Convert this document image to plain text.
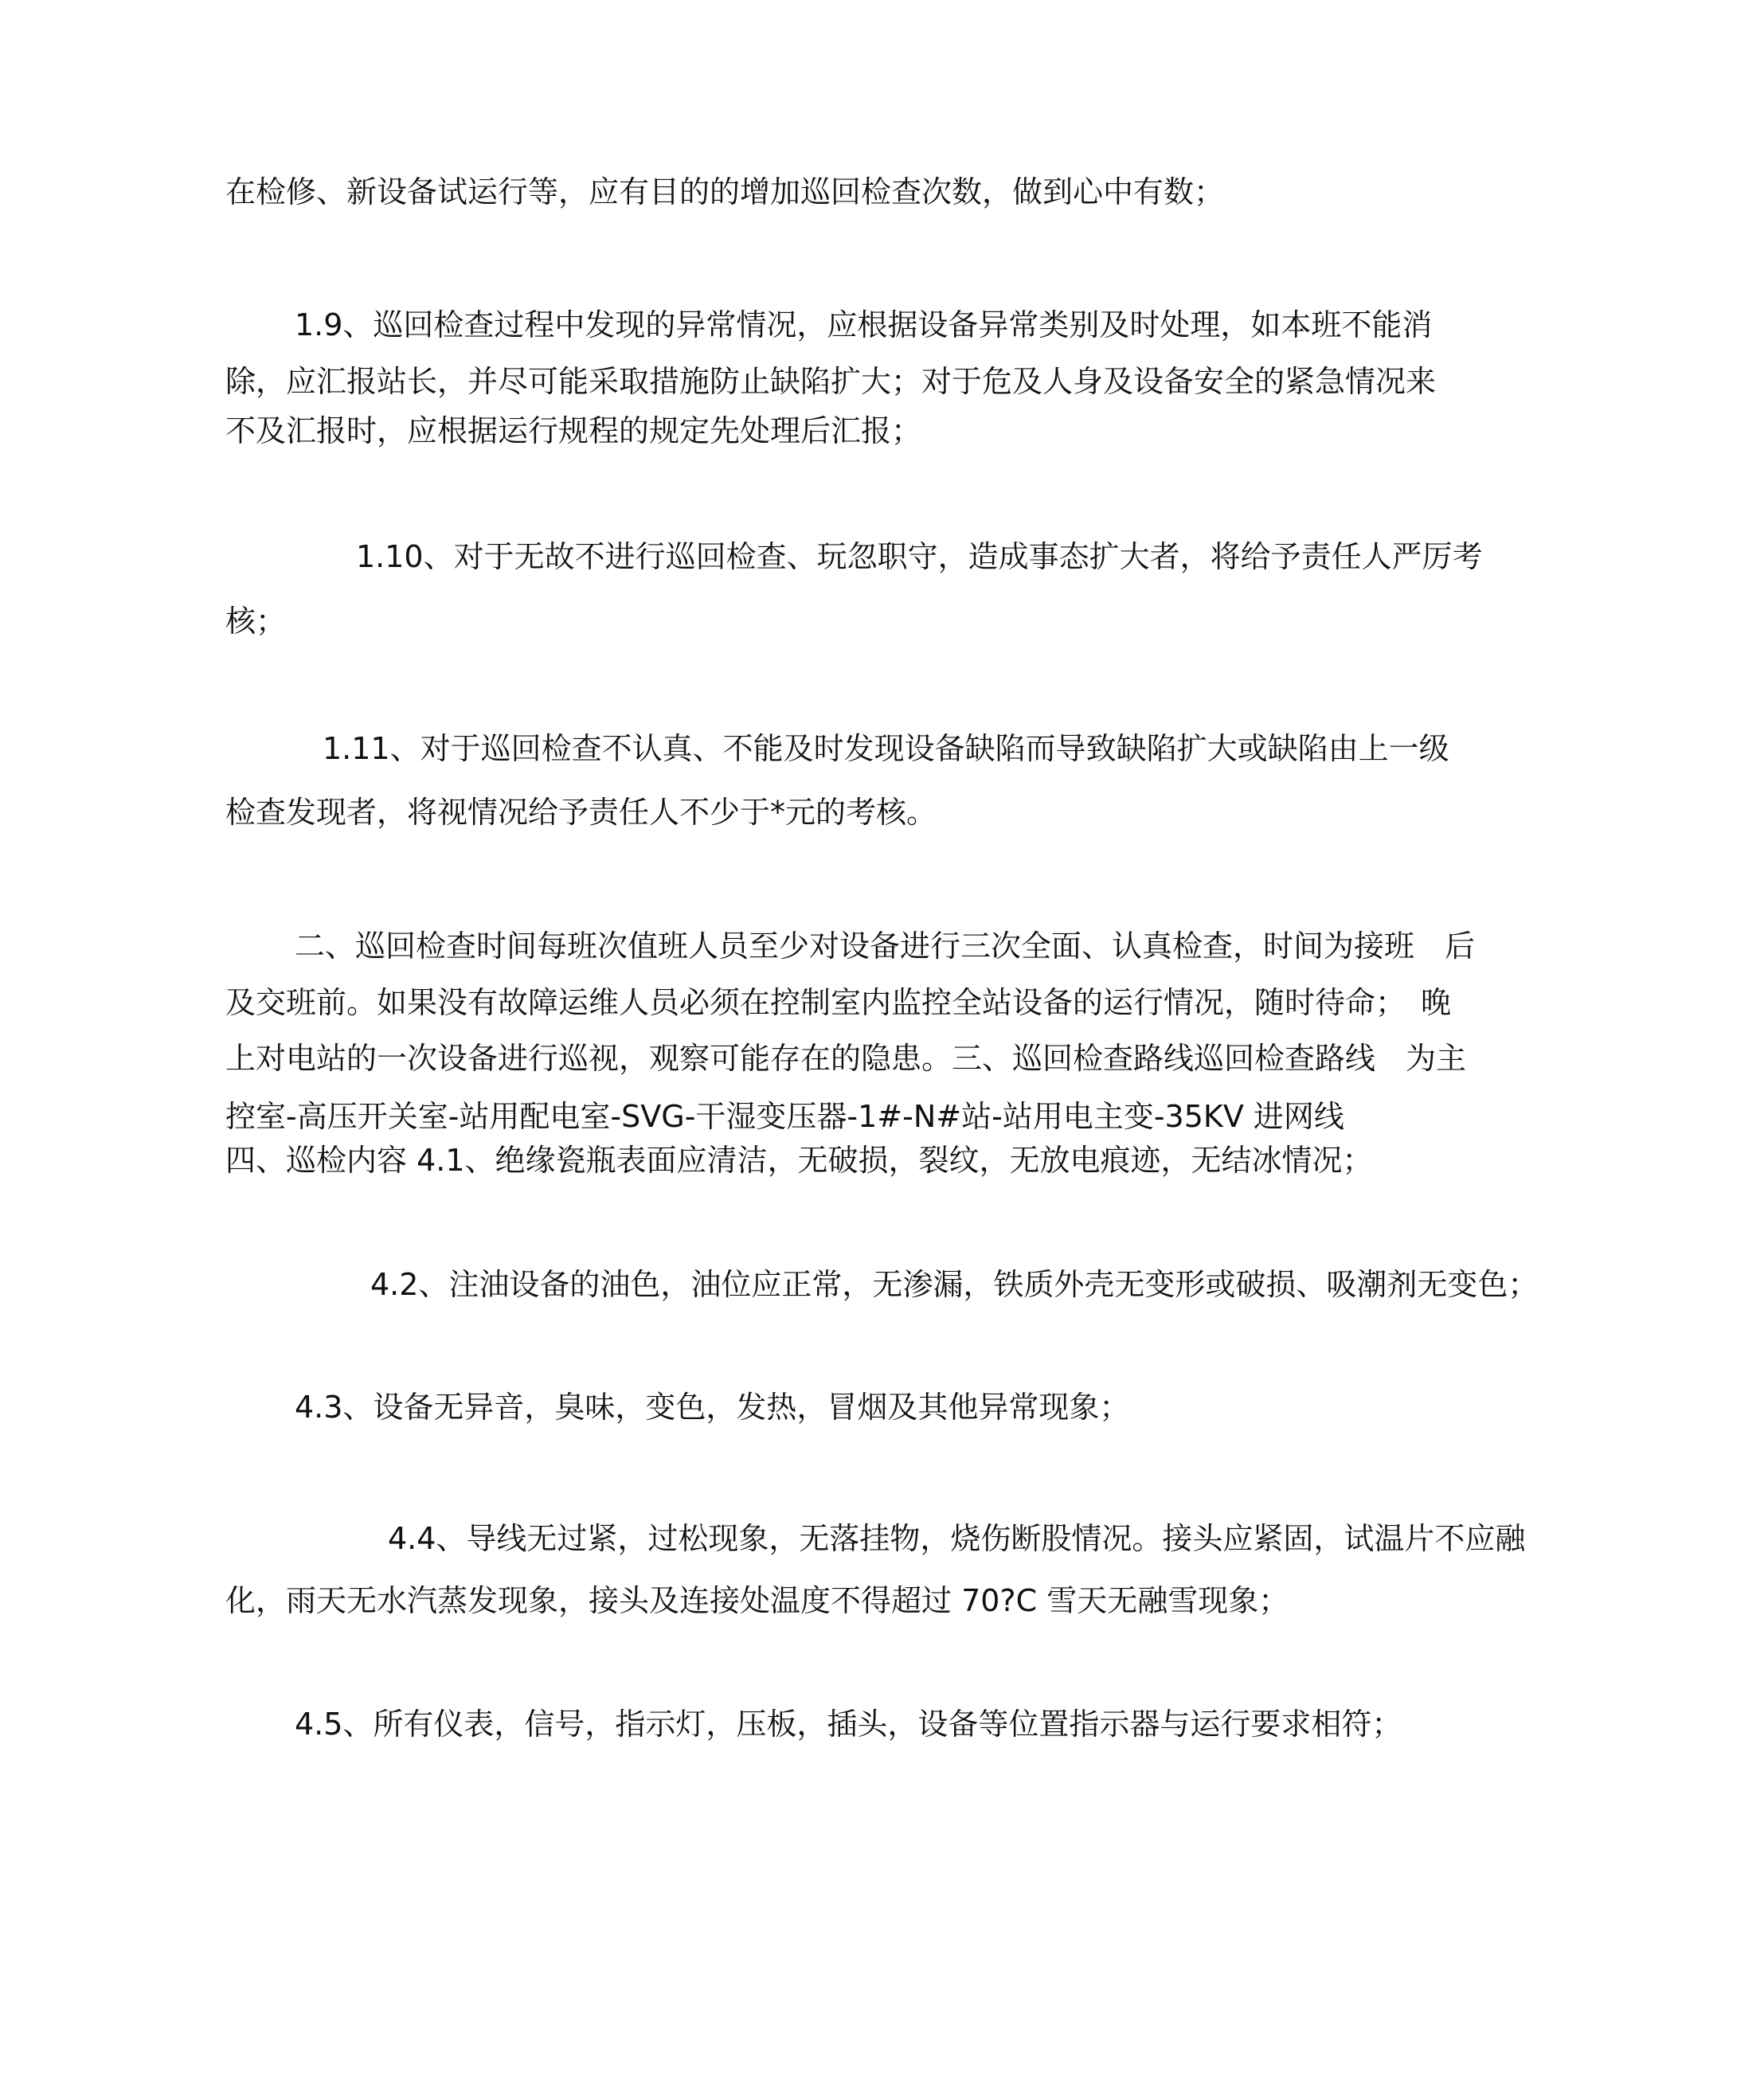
在检修、新设备试运行等，应有目的的增加巡回检查次数，做到心中有数；
1.9、巡回检查过程中发现的异常情况，应根据设备异常类别及时处理，如本班不能消
除，应汇报站长，并尽可能采取措施防止缺陷扩大；对于危及人身及设备安全的紧急情况来
不及汇报时，应根据运行规程的规定先处理后汇报；
1.10、对于无故不进行巡回检查、玩忽职守，造成事态扩大者，将给予责任人严厉考
核；
1.11、对于巡回检查不认真、不能及时发现设备缺陷而导致缺陷扩大或缺陷由上一级
检查发现者，将视情况给予责任人不少于*元的考核。
二、巡回检查时间每班次值班人员至少对设备进行三次全面、认真检查，时间为接班　后
及交班前。如果没有故障运维人员必须在控制室内监控全站设备的运行情况，随时待命；　晚
上对电站的一次设备进行巡视，观察可能存在的隐患。三、巡回检查路线巡回检查路线　为主
控室-高压开关室-站用配电室-SVG-干湿变压器-1#-N#站-站用电主变-35KV 进网线
四、巡检内容 4.1、绝缘瓷瓶表面应清洁，无破损，裂纹，无放电痕迹，无结冰情况；
4.2、注油设备的油色，油位应正常，无渗漏，铁质外壳无变形或破损、吸潮剂无变色；
4.3、设备无异音，臭味，变色，发热，冒烟及其他异常现象；
4.4、导线无过紧，过松现象，无落挂物，烧伤断股情况。接头应紧固，试温片不应融
化，雨天无水汽蒸发现象，接头及连接处温度不得超过 70?C 雪天无融雪现象；
4.5、所有仪表，信号，指示灯，压板，插头，设备等位置指示器与运行要求相符；
